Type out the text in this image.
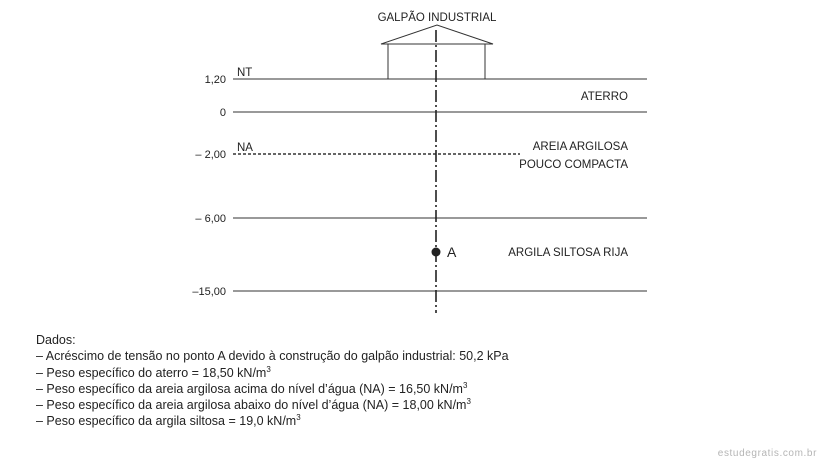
GALPÃO INDUSTRIAL
A
NT
NA
1,20
0
– 2,00
– 6,00
–15,00
ATERRO
AREIA ARGILOSA
POUCO COMPACTA
ARGILA SILTOSA RIJA
Dados:
– Acréscimo de tensão no ponto A devido à construção do galpão industrial: 50,2 kPa
– Peso específico do aterro = 18,50 $kN/m^3$
– Peso específico da areia argilosa acima do nível d’água (NA) = 16,50 $kN/m^3$
– Peso específico da areia argilosa abaixo do nível d’água (NA) = 18,00 $kN/m^3$
– Peso específico da argila siltosa = 19,0 $kN/m^3$
estudegratis.com.br
